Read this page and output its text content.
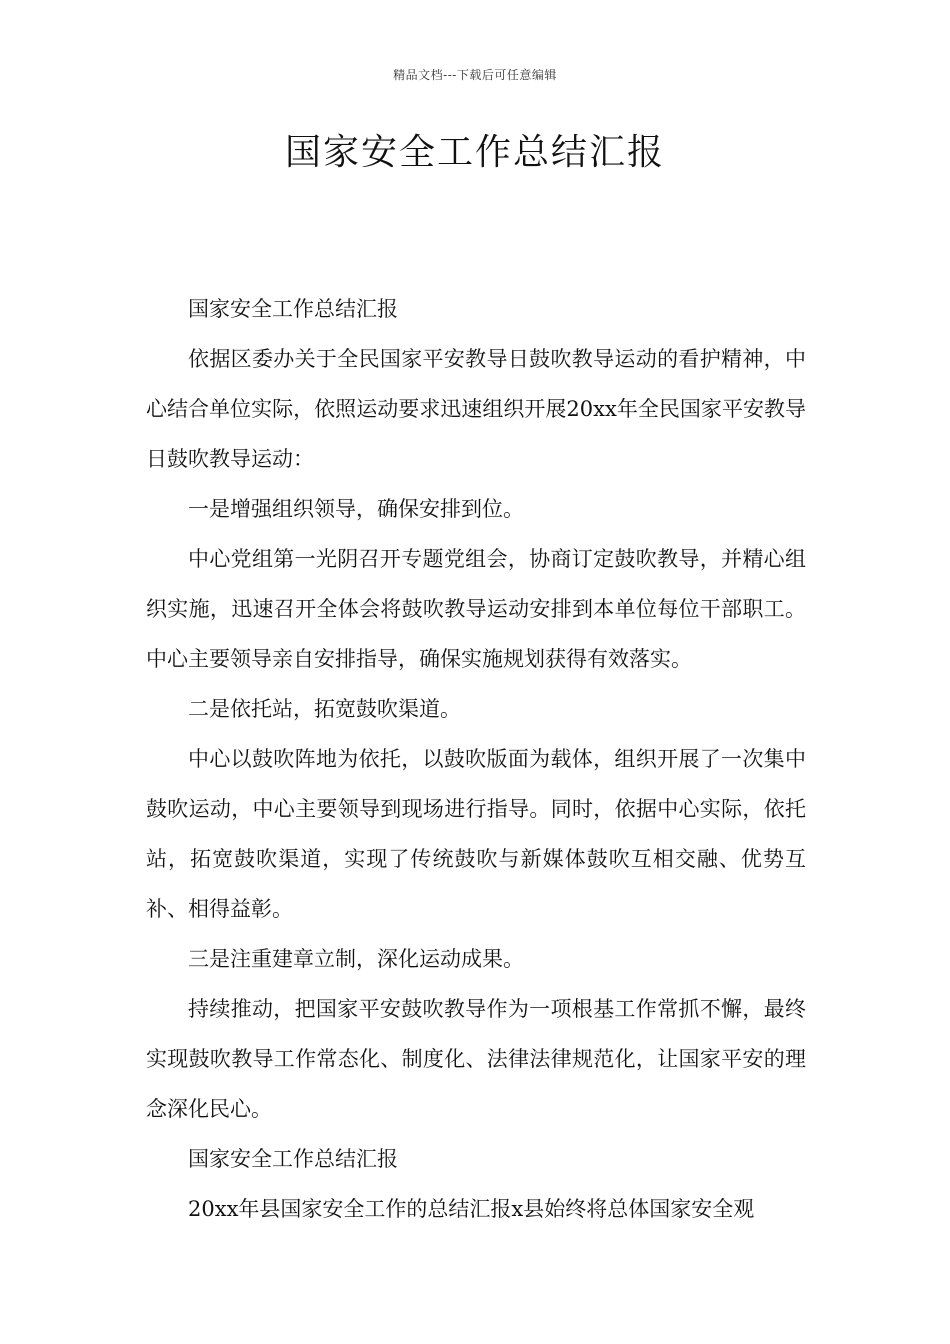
精品文档---下载后可任意编辑
国家安全工作总结汇报

国家安全工作总结汇报

依据区委办关于全民国家平安教导日鼓吹教导运动的看护精神，中心结合单位实际，依照运动要求迅速组织开展20xx年全民国家平安教导日鼓吹教导运动：

一是增强组织领导，确保安排到位。

中心党组第一光阴召开专题党组会，协商订定鼓吹教导，并精心组织实施，迅速召开全体会将鼓吹教导运动安排到本单位每位干部职工。中心主要领导亲自安排指导，确保实施规划获得有效落实。

二是依托站，拓宽鼓吹渠道。

中心以鼓吹阵地为依托，以鼓吹版面为载体，组织开展了一次集中鼓吹运动，中心主要领导到现场进行指导。同时，依据中心实际，依托站，拓宽鼓吹渠道，实现了传统鼓吹与新媒体鼓吹互相交融、优势互补、相得益彰。

三是注重建章立制，深化运动成果。

持续推动，把国家平安鼓吹教导作为一项根基工作常抓不懈，最终实现鼓吹教导工作常态化、制度化、法律法律规范化，让国家平安的理念深化民心。

国家安全工作总结汇报

20xx年县国家安全工作的总结汇报x县始终将总体国家安全观
